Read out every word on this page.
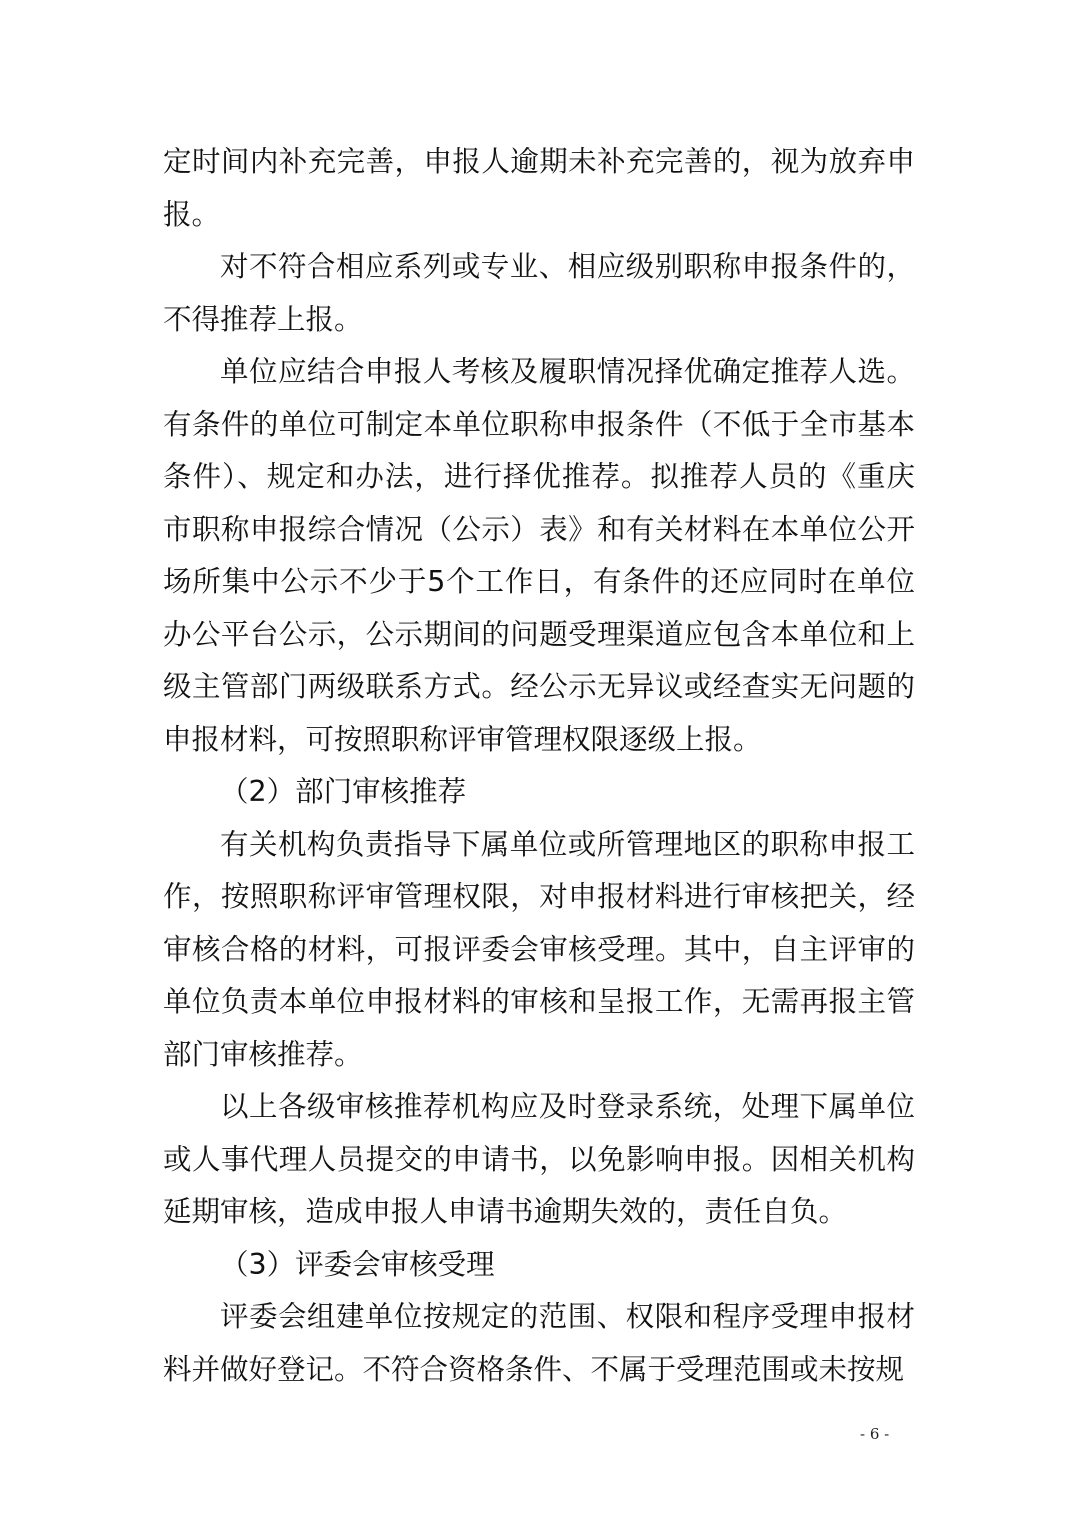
定时间内补充完善，申报人逾期未补充完善的，视为放弃申报。

对不符合相应系列或专业、相应级别职称申报条件的，不得推荐上报。

单位应结合申报人考核及履职情况择优确定推荐人选。有条件的单位可制定本单位职称申报条件（不低于全市基本条件）、规定和办法，进行择优推荐。拟推荐人员的《重庆市职称申报综合情况（公示）表》和有关材料在本单位公开场所集中公示不少于5个工作日，有条件的还应同时在单位办公平台公示，公示期间的问题受理渠道应包含本单位和上级主管部门两级联系方式。经公示无异议或经查实无问题的申报材料，可按照职称评审管理权限逐级上报。

（2）部门审核推荐

有关机构负责指导下属单位或所管理地区的职称申报工作，按照职称评审管理权限，对申报材料进行审核把关，经审核合格的材料，可报评委会审核受理。其中，自主评审的单位负责本单位申报材料的审核和呈报工作，无需再报主管部门审核推荐。

以上各级审核推荐机构应及时登录系统，处理下属单位或人事代理人员提交的申请书，以免影响申报。因相关机构延期审核，造成申报人申请书逾期失效的，责任自负。

（3）评委会审核受理

评委会组建单位按规定的范围、权限和程序受理申报材料并做好登记。不符合资格条件、不属于受理范围或未按规

- 6 -
